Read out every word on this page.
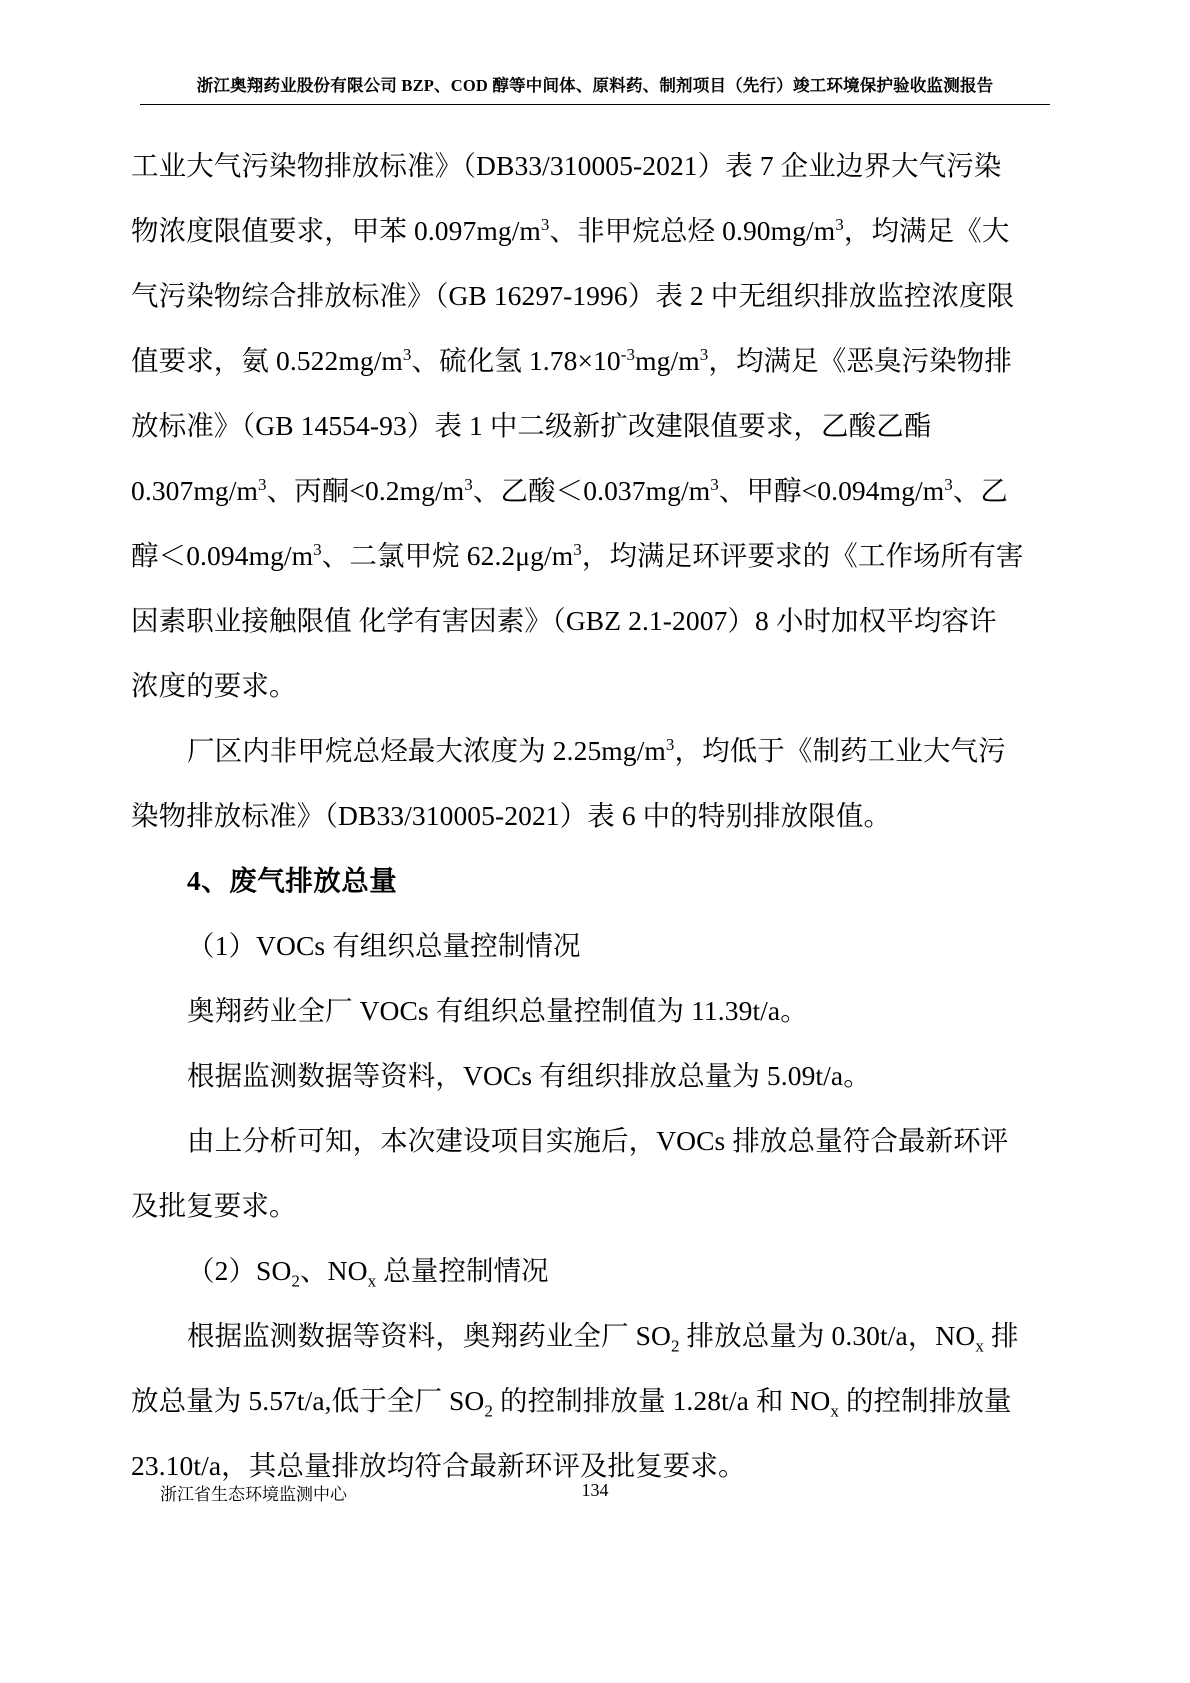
浙江奥翔药业股份有限公司 BZP、COD 醇等中间体、原料药、制剂项目（先行）竣工环境保护验收监测报告

工业大气污染物排放标准》（DB33/310005-2021）表 7 企业边界大气污染

物浓度限值要求，甲苯 $0.097mg/m^3$、非甲烷总烃 $0.90mg/m^3$，均满足《大

气污染物综合排放标准》（GB 16297-1996）表 2 中无组织排放监控浓度限

值要求，氨 $0.522mg/m^3$、硫化氢 $1.78\times 10^{-3}mg/m^3$，均满足《恶臭污染物排

放标准》（GB 14554-93）表 1 中二级新扩改建限值要求，乙酸乙酯

$0.307mg/m^3$、丙酮$<0.2mg/m^3$、乙酸$<0.037mg/m^3$、甲醇$<0.094mg/m^3$、乙

醇$<0.094mg/m^3$、二氯甲烷 $62.2\mu g/m^3$，均满足环评要求的《工作场所有害

因素职业接触限值 化学有害因素》（GBZ 2.1-2007）8 小时加权平均容许

浓度的要求。

厂区内非甲烷总烃最大浓度为 $2.25mg/m^3$，均低于《制药工业大气污

染物排放标准》（DB33/310005-2021）表 6 中的特别排放限值。

4、废气排放总量

（1）VOCs 有组织总量控制情况

奥翔药业全厂 VOCs 有组织总量控制值为 11.39t/a。

根据监测数据等资料，VOCs 有组织排放总量为 5.09t/a。

由上分析可知，本次建设项目实施后，VOCs 排放总量符合最新环评

及批复要求。

$(2)SO_2$、$NO_x$ 总量控制情况

根据监测数据等资料，奥翔药业全厂 $SO_2$ 排放总量为 0.30t/a，$NO_x$ 排

放总量为 5.57t/a,低于全厂 $SO_2$ 的控制排放量 1.28t/a 和 $NO_x$ 的控制排放量

23.10t/a，其总量排放均符合最新环评及批复要求。

浙江省生态环境监测中心	134
